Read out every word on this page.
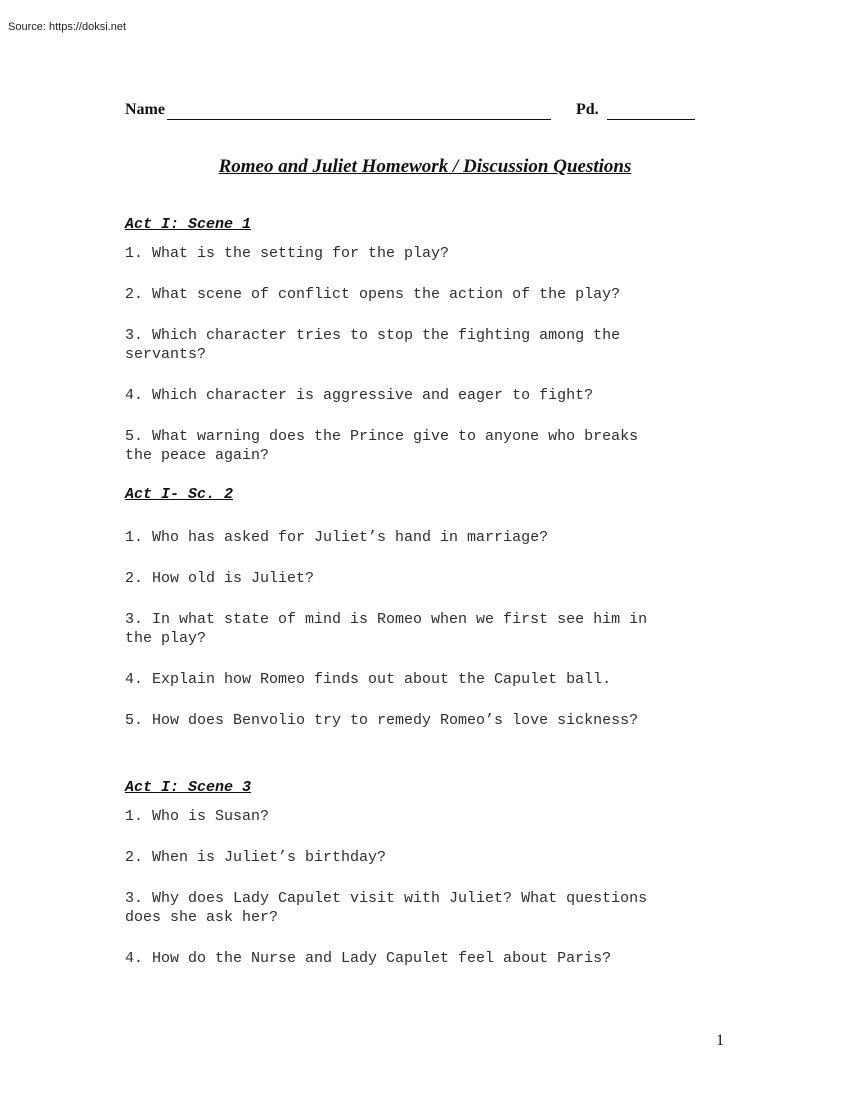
Source: https://doksi.net
Name	Pd.
Romeo and Juliet Homework / Discussion Questions
Act I: Scene 1

1. What is the setting for the play?

2. What scene of conflict opens the action of the play?

3. Which character tries to stop the fighting among the
servants?

4. Which character is aggressive and eager to fight?

5. What warning does the Prince give to anyone who breaks
the peace again?

Act I- Sc. 2

1. Who has asked for Juliet’s hand in marriage?

2. How old is Juliet?

3. In what state of mind is Romeo when we first see him in
the play?

4. Explain how Romeo finds out about the Capulet ball.

5. How does Benvolio try to remedy Romeo’s love sickness?

Act I: Scene 3

1. Who is Susan?

2. When is Juliet’s birthday?

3. Why does Lady Capulet visit with Juliet? What questions
does she ask her?

4. How do the Nurse and Lady Capulet feel about Paris?

1
